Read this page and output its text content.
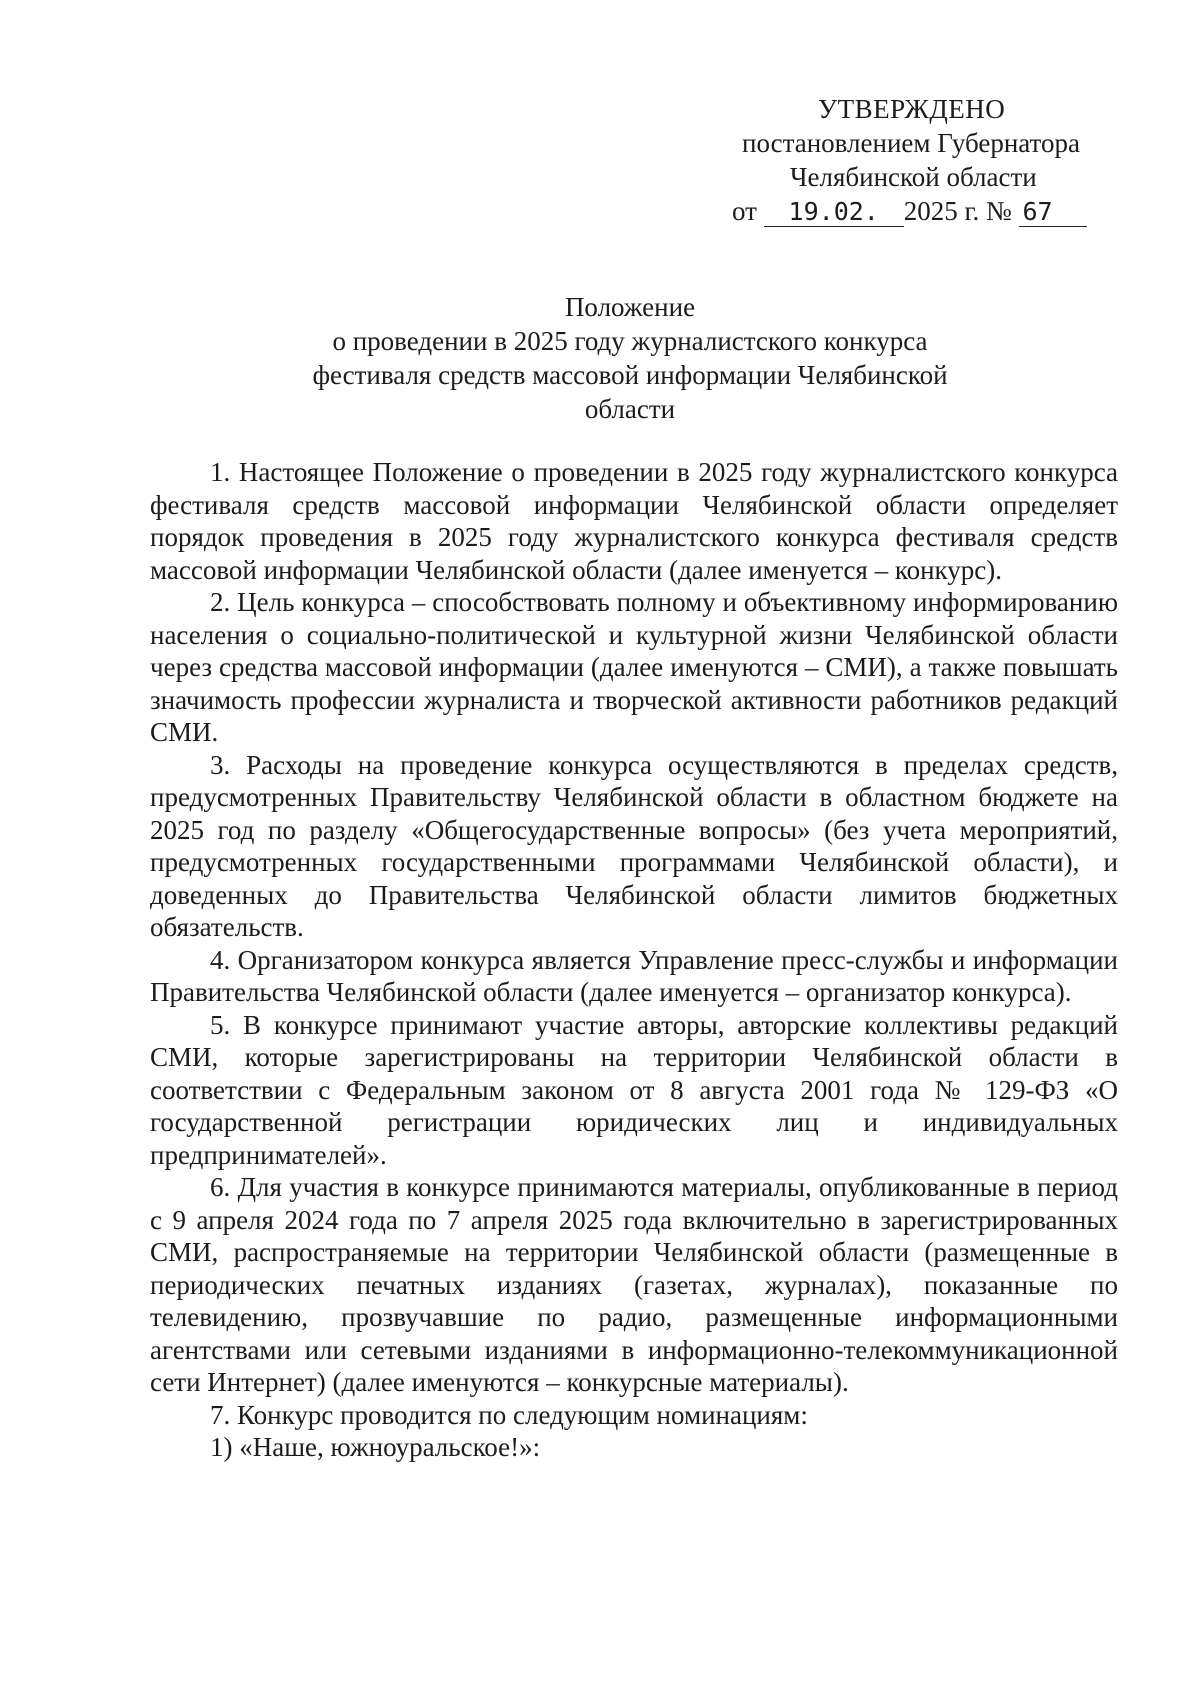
УТВЕРЖДЕНО
постановлением Губернатора
Челябинской области
от 19.02. 2025 г. № 67
Положение
о проведении в 2025 году журналистского конкурса
фестиваля средств массовой информации Челябинской
области

1. Настоящее Положение о проведении в 2025 году журналистского конкурса фестиваля средств массовой информации Челябинской области определяет порядок проведения в 2025 году журналистского конкурса фестиваля средств массовой информации Челябинской области (далее именуется – конкурс).

2. Цель конкурса – способствовать полному и объективному информированию населения о социально-политической и культурной жизни Челябинской области через средства массовой информации (далее именуются – СМИ), а также повышать значимость профессии журналиста и творческой активности работников редакций СМИ.

3. Расходы на проведение конкурса осуществляются в пределах средств, предусмотренных Правительству Челябинской области в областном бюджете на 2025 год по разделу «Общегосударственные вопросы» (без учета мероприятий, предусмотренных государственными программами Челябинской области), и доведенных до Правительства Челябинской области лимитов бюджетных обязательств.

4. Организатором конкурса является Управление пресс-службы и информации Правительства Челябинской области (далее именуется – организатор конкурса).

5. В конкурсе принимают участие авторы, авторские коллективы редакций СМИ, которые зарегистрированы на территории Челябинской области в соответствии с Федеральным законом от 8 августа 2001 года № 129-ФЗ «О государственной регистрации юридических лиц и индивидуальных предпринимателей».

6. Для участия в конкурсе принимаются материалы, опубликованные в период с 9 апреля 2024 года по 7 апреля 2025 года включительно в зарегистрированных СМИ, распространяемые на территории Челябинской области (размещенные в периодических печатных изданиях (газетах, журналах), показанные по телевидению, прозвучавшие по радио, размещенные информационными агентствами или сетевыми изданиями в информационно-телекоммуникационной сети Интернет) (далее именуются – конкурсные материалы).

7. Конкурс проводится по следующим номинациям:

1) «Наше, южноуральское!»:
